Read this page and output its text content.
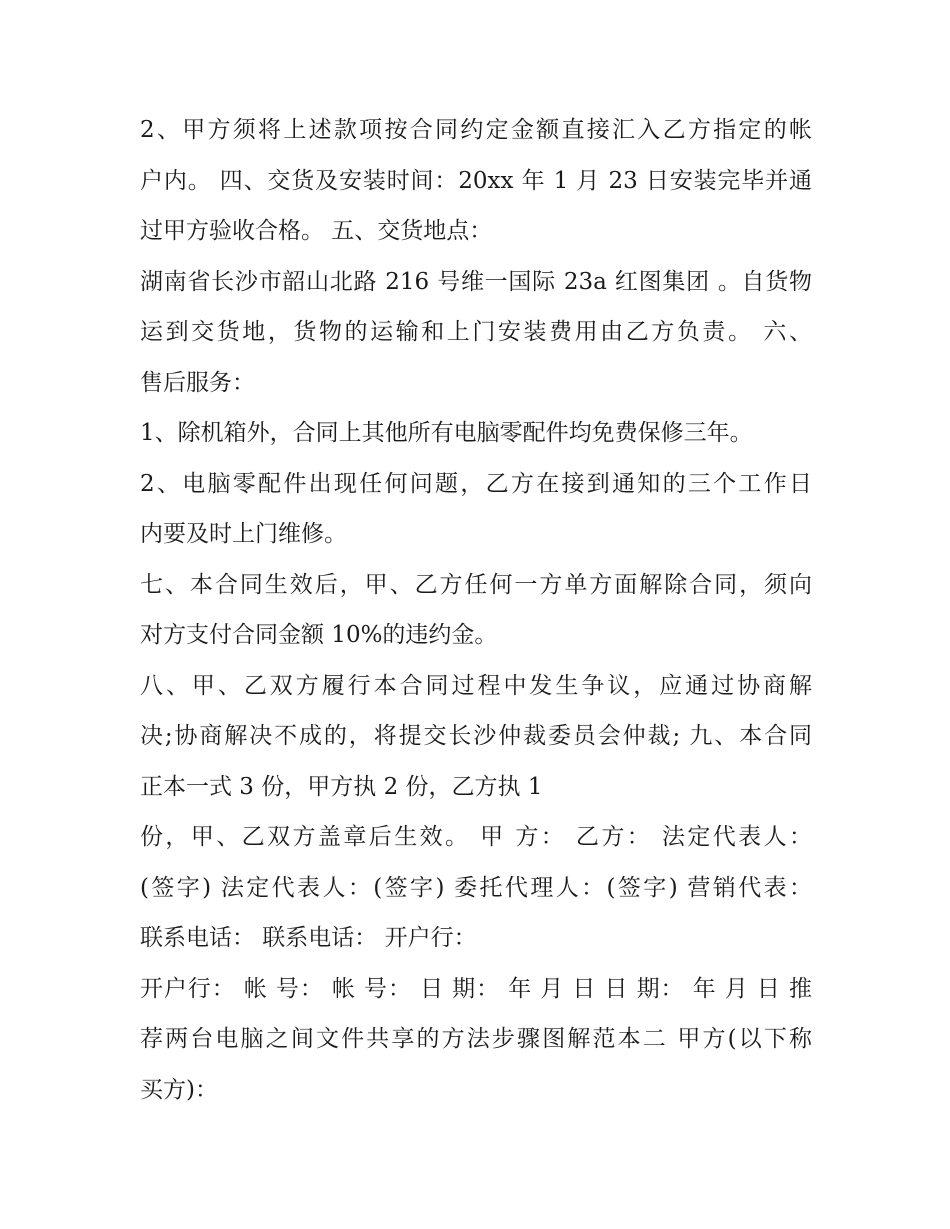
2、甲方须将上述款项按合同约定金额直接汇入乙方指定的帐
户内。 四、交货及安装时间：20xx 年 1 月 23 日安装完毕并通
过甲方验收合格。 五、交货地点：
湖南省长沙市韶山北路 216 号维一国际 23a 红图集团 。自货物
运到交货地，货物的运输和上门安装费用由乙方负责。 六、
售后服务：
1、除机箱外，合同上其他所有电脑零配件均免费保修三年。
2、电脑零配件出现任何问题，乙方在接到通知的三个工作日
内要及时上门维修。
七、本合同生效后，甲、乙方任何一方单方面解除合同，须向
对方支付合同金额 10%的违约金。
八、甲、乙双方履行本合同过程中发生争议，应通过协商解
决;协商解决不成的，将提交长沙仲裁委员会仲裁; 九、本合同
正本一式 3 份，甲方执 2 份，乙方执 1
份，甲、乙双方盖章后生效。 甲 方： 乙方： 法定代表人：
(签字) 法定代表人：(签字) 委托代理人：(签字) 营销代表：
联系电话： 联系电话： 开户行：
开户行： 帐 号： 帐 号： 日 期： 年 月 日 日 期： 年 月 日 推
荐两台电脑之间文件共享的方法步骤图解范本二 甲方(以下称
买方)：
